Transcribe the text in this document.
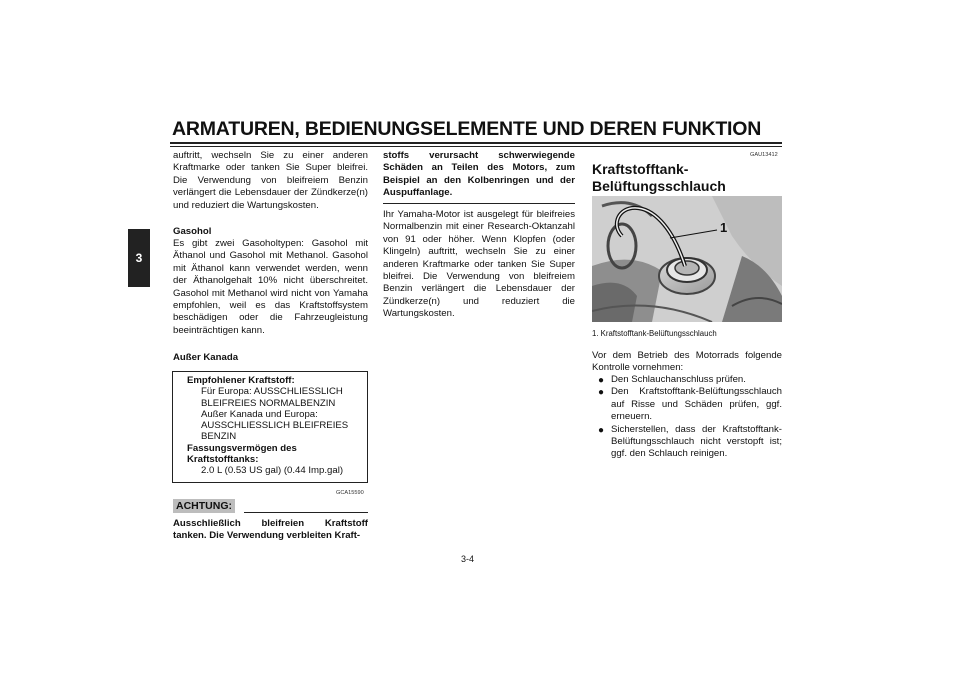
ARMATUREN, BEDIENUNGSELEMENTE UND DEREN FUNKTION
3
auftritt, wechseln Sie zu einer anderen Kraftmarke oder tanken Sie Super bleifrei. Die Verwendung von bleifreiem Benzin verlängert die Lebensdauer der Zündkerze(n) und reduziert die Wartungskosten.
Gasohol
Es gibt zwei Gasoholtypen: Gasohol mit Äthanol und Gasohol mit Methanol. Gasohol mit Äthanol kann verwendet werden, wenn der Äthanolgehalt 10% nicht überschreitet. Gasohol mit Methanol wird nicht von Yamaha empfohlen, weil es das Kraftstoffsystem beschädigen oder die Fahrzeugleistung beeinträchtigen kann.
Außer Kanada
Empfohlener Kraftstoff:
Für Europa: AUSSCHLIESSLICH BLEIFREIES NORMALBENZIN
Außer Kanada und Europa: AUSSCHLIESSLICH BLEIFREIES BENZIN
Fassungsvermögen des Kraftstofftanks:
2.0 L (0.53 US gal) (0.44 Imp.gal)
GCA15590
ACHTUNG:
Ausschließlich bleifreien Kraftstoff tanken. Die Verwendung verbleiten Kraft-
stoffs verursacht schwerwiegende Schäden an Teilen des Motors, zum Beispiel an den Kolbenringen und der Auspuffanlage.
Ihr Yamaha-Motor ist ausgelegt für bleifreies Normalbenzin mit einer Research-Oktanzahl von 91 oder höher. Wenn Klopfen (oder Klingeln) auftritt, wechseln Sie zu einer anderen Kraftmarke oder tanken Sie Super bleifrei. Die Verwendung von bleifreiem Benzin verlängert die Lebensdauer der Zündkerze(n) und reduziert die Wartungskosten.
GAU13412
Kraftstofftank-Belüftungsschlauch
1
1. Kraftstofftank-Belüftungsschlauch
Vor dem Betrieb des Motorrads folgende Kontrolle vornehmen:
● Den Schlauchanschluss prüfen.
● Den Kraftstofftank-Belüftungsschlauch auf Risse und Schäden prüfen, ggf. erneuern.
● Sicherstellen, dass der Kraftstofftank-Belüftungsschlauch nicht verstopft ist; ggf. den Schlauch reinigen.
3-4
